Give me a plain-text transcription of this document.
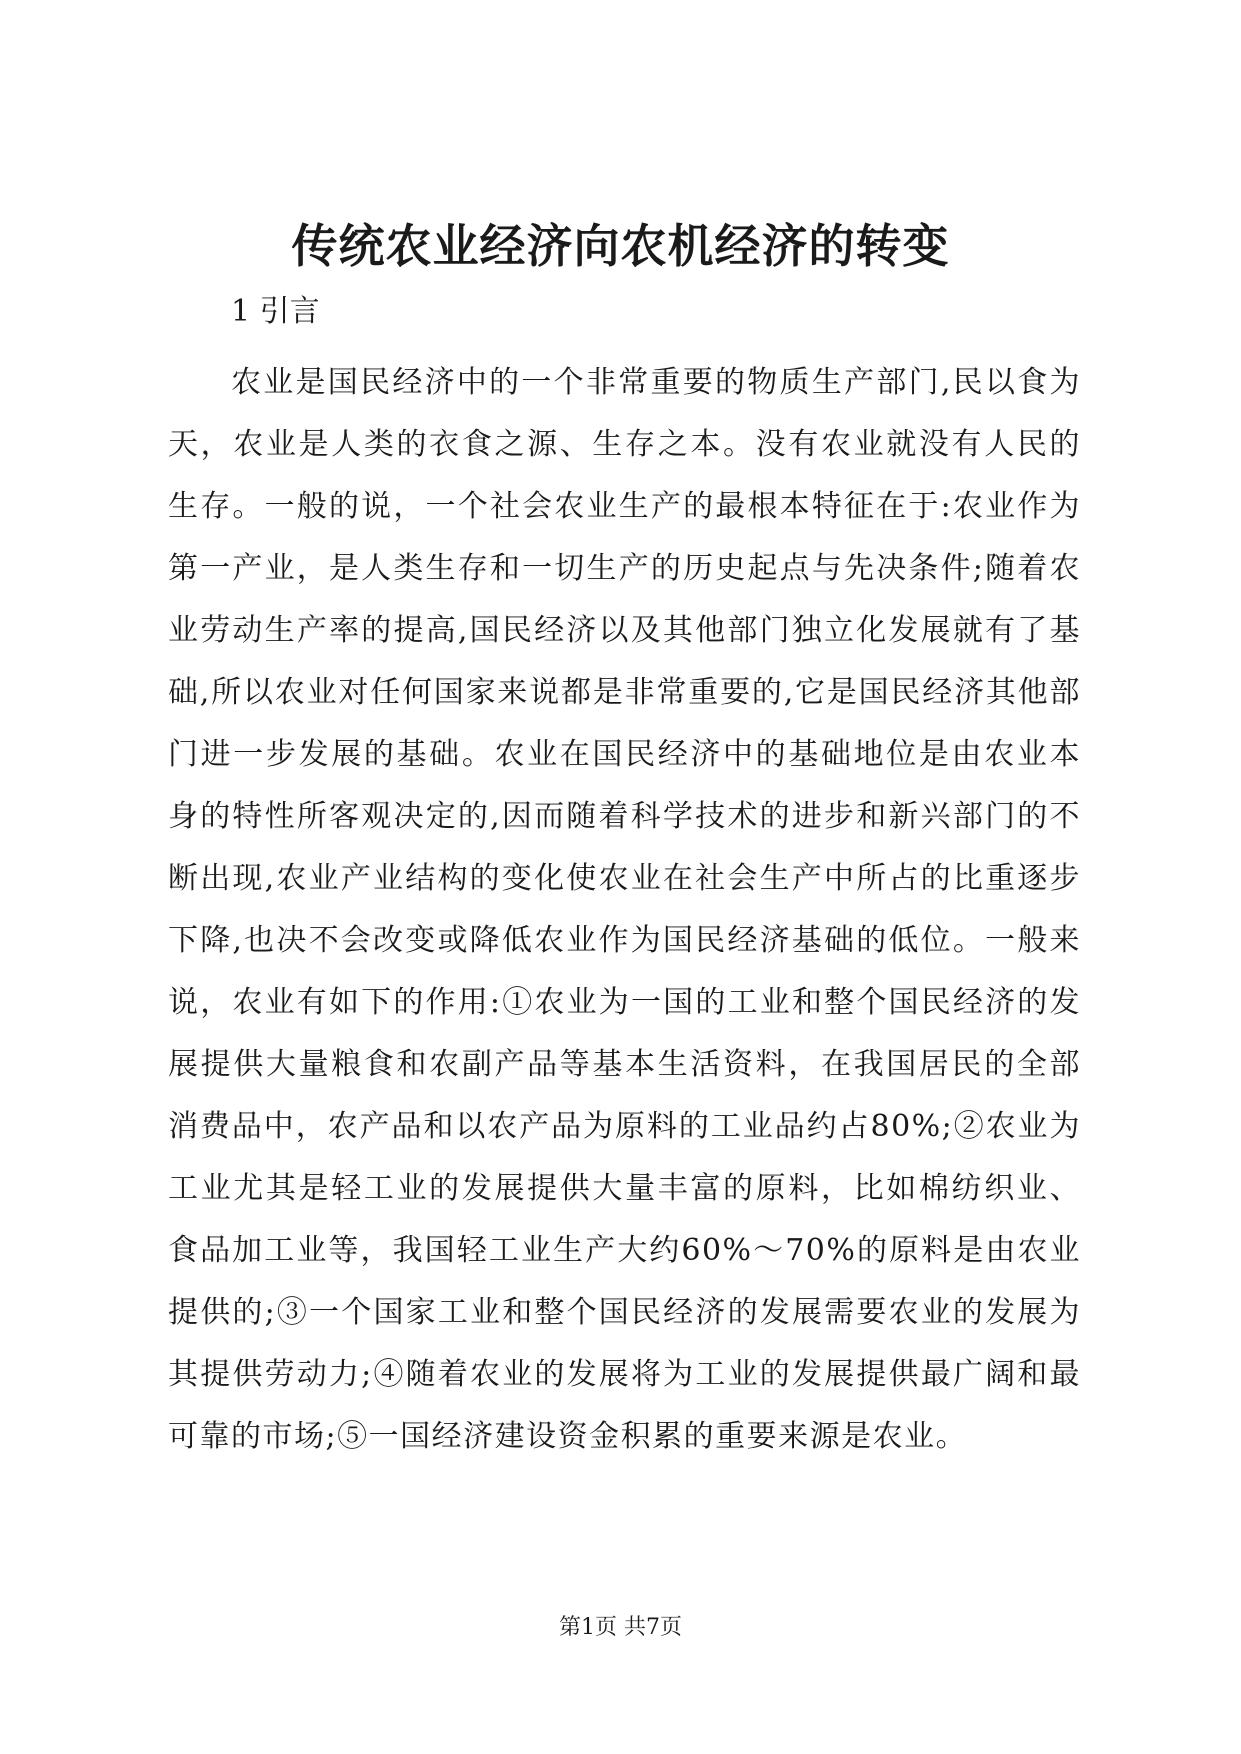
传统农业经济向农机经济的转变
1 引言

农业是国民经济中的一个非常重要的物质生产部门,民以食为天，农业是人类的衣食之源、生存之本。没有农业就没有人民的生存。一般的说，一个社会农业生产的最根本特征在于:农业作为第一产业，是人类生存和一切生产的历史起点与先决条件;随着农业劳动生产率的提高,国民经济以及其他部门独立化发展就有了基础,所以农业对任何国家来说都是非常重要的,它是国民经济其他部门进一步发展的基础。农业在国民经济中的基础地位是由农业本身的特性所客观决定的,因而随着科学技术的进步和新兴部门的不断出现,农业产业结构的变化使农业在社会生产中所占的比重逐步下降,也决不会改变或降低农业作为国民经济基础的低位。一般来说，农业有如下的作用:①农业为一国的工业和整个国民经济的发展提供大量粮食和农副产品等基本生活资料，在我国居民的全部消费品中，农产品和以农产品为原料的工业品约占80%;②农业为工业尤其是轻工业的发展提供大量丰富的原料，比如棉纺织业、食品加工业等，我国轻工业生产大约60%～70%的原料是由农业提供的;③一个国家工业和整个国民经济的发展需要农业的发展为其提供劳动力;④随着农业的发展将为工业的发展提供最广阔和最可靠的市场;⑤一国经济建设资金积累的重要来源是农业。

第1页 共7页
